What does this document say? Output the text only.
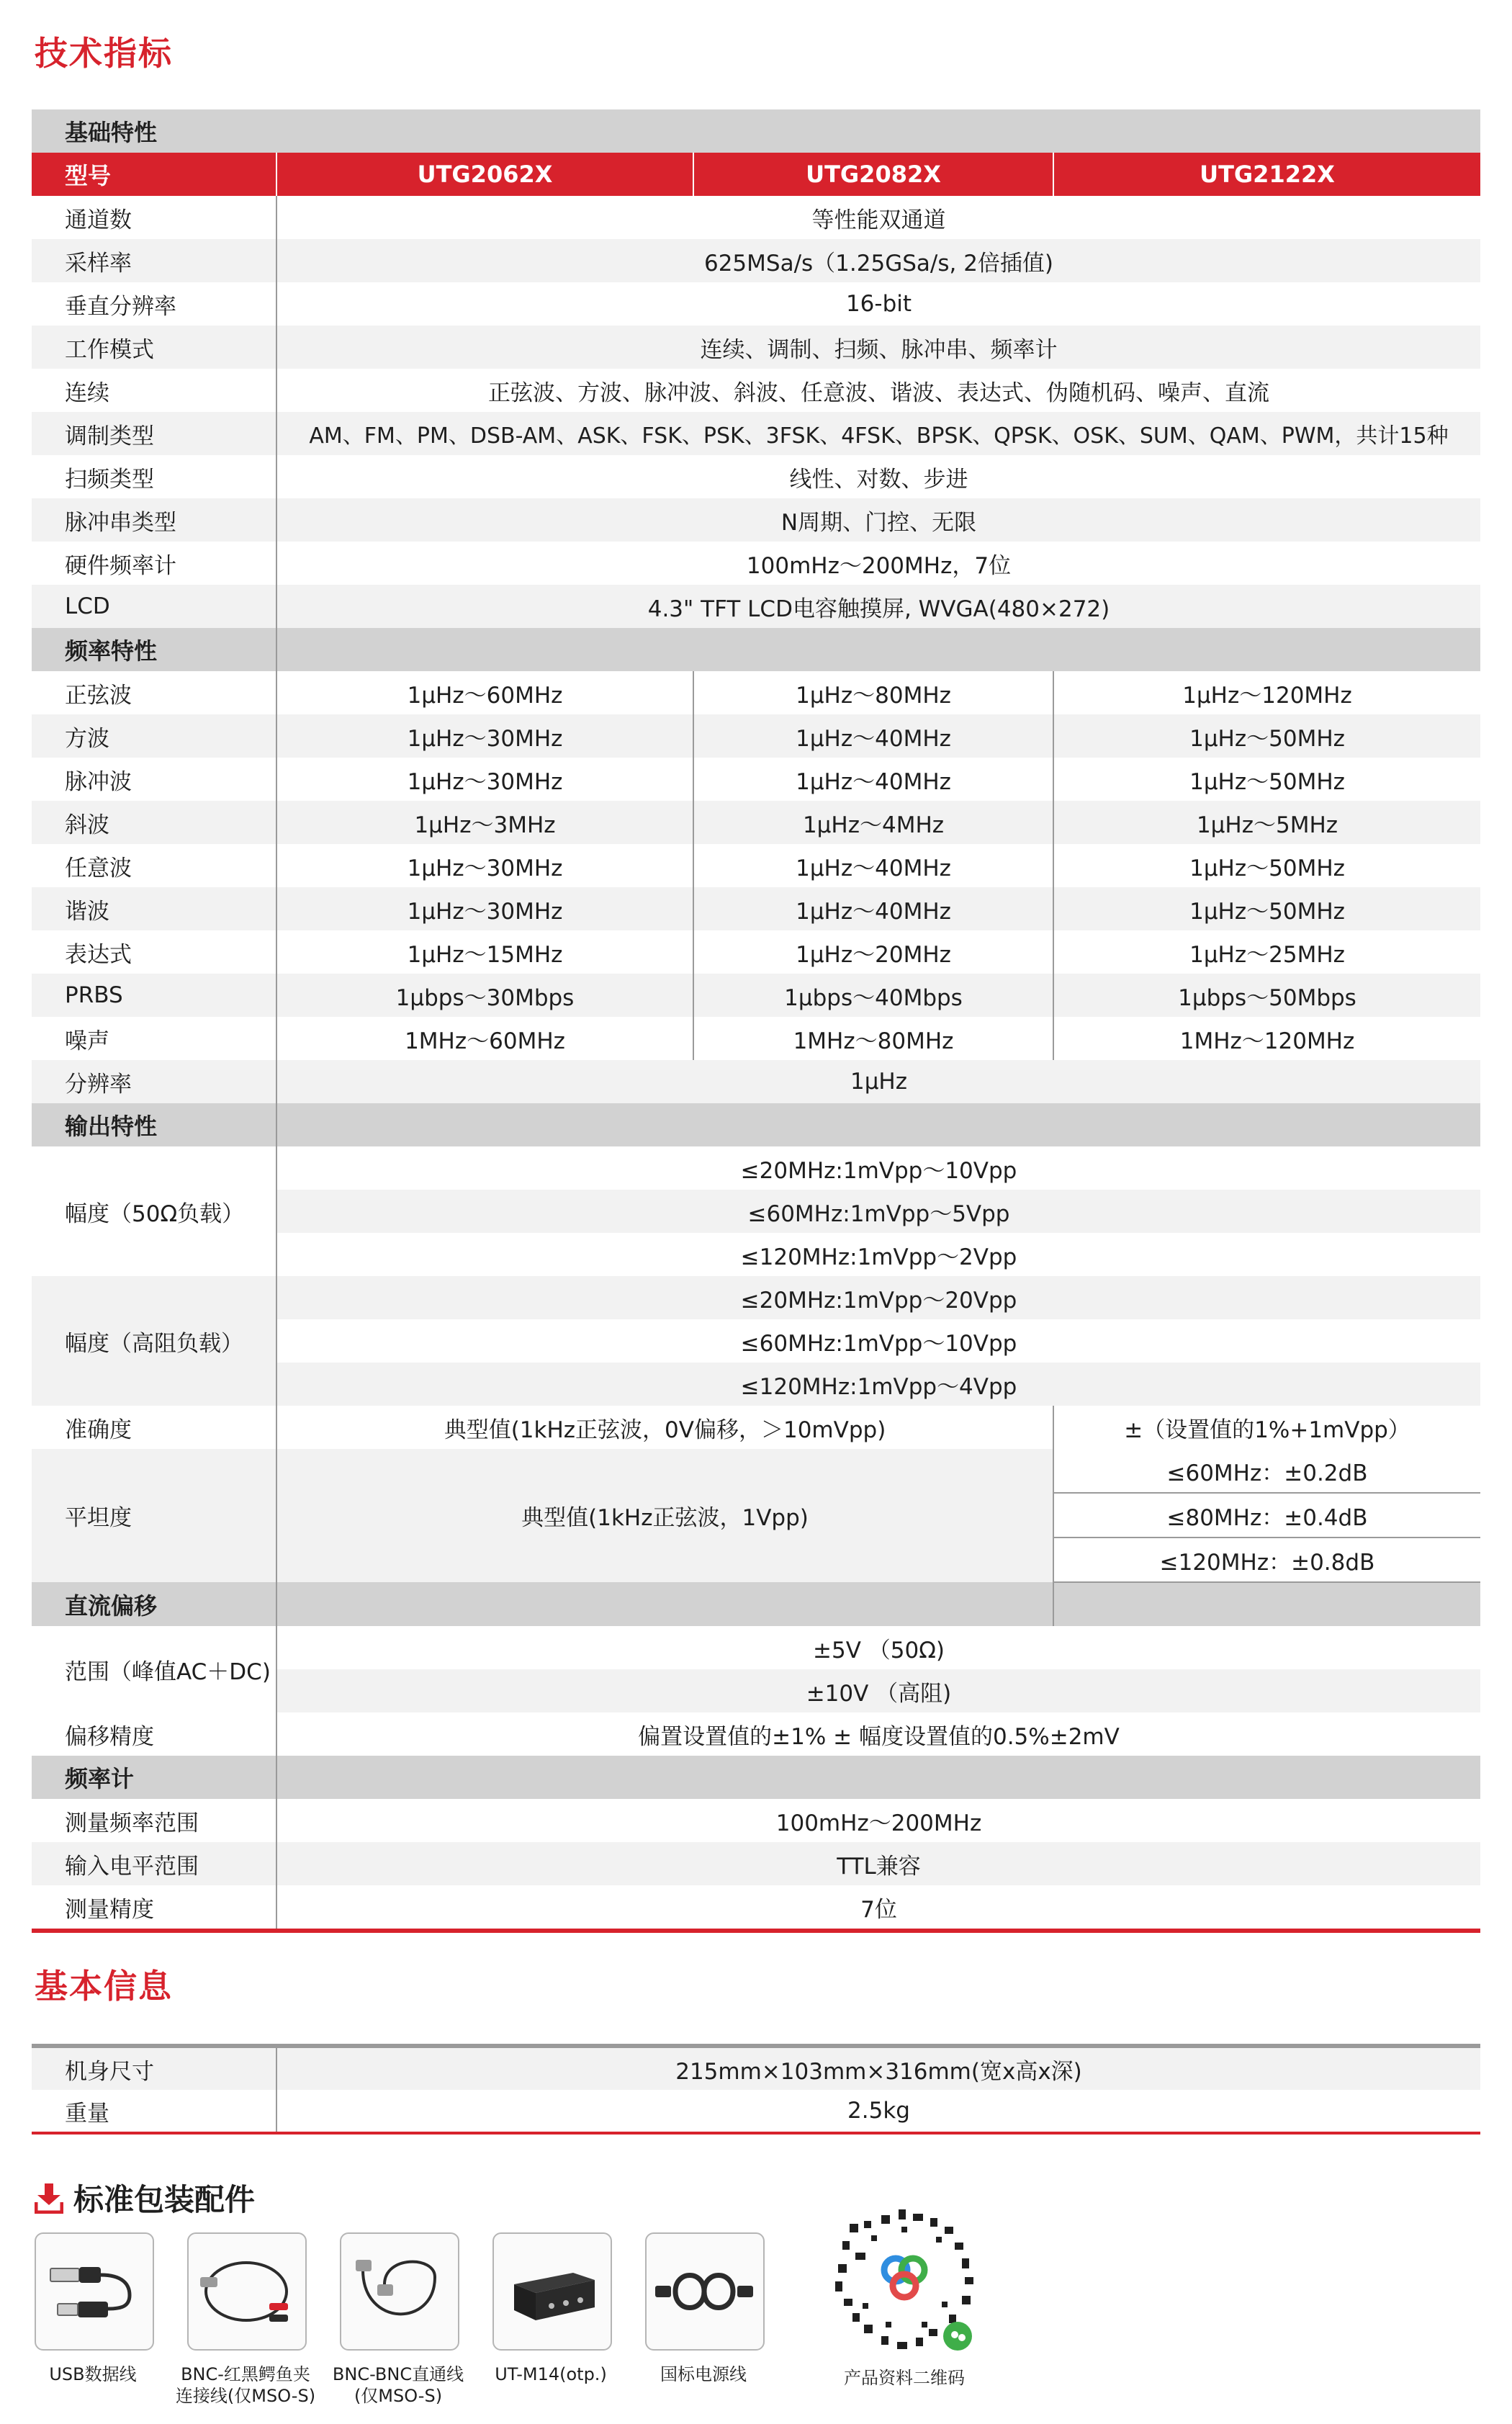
技术指标
基础特性			
型号	UTG2062X	UTG2082X	UTG2122X
通道数	等性能双通道		
采样率	625MSa/s（1.25GSa/s, 2倍插值)		
垂直分辨率	16-bit		
工作模式	连续、调制、扫频、脉冲串、频率计		
连续	正弦波、方波、脉冲波、斜波、任意波、谐波、表达式、伪随机码、噪声、直流		
调制类型	AM、FM、PM、DSB-AM、ASK、FSK、PSK、3FSK、4FSK、BPSK、QPSK、OSK、SUM、QAM、PWM，共计15种		
扫频类型	线性、对数、步进		
脉冲串类型	N周期、门控、无限		
硬件频率计	100mHz～200MHz，7位		
LCD	4.3" TFT LCD电容触摸屏, WVGA(480×272)		
频率特性			
正弦波	1μHz～60MHz	1μHz～80MHz	1μHz～120MHz
方波	1μHz～30MHz	1μHz～40MHz	1μHz～50MHz
脉冲波	1μHz～30MHz	1μHz～40MHz	1μHz～50MHz
斜波	1μHz～3MHz	1μHz～4MHz	1μHz～5MHz
任意波	1μHz～30MHz	1μHz～40MHz	1μHz～50MHz
谐波	1μHz～30MHz	1μHz～40MHz	1μHz～50MHz
表达式	1μHz～15MHz	1μHz～20MHz	1μHz～25MHz
PRBS	1μbps～30Mbps	1μbps～40Mbps	1μbps～50Mbps
噪声	1MHz～60MHz	1MHz～80MHz	1MHz～120MHz
分辨率	1μHz		
输出特性			
幅度（50Ω负载）	≤20MHz:1mVpp～10Vpp		
	≤60MHz:1mVpp～5Vpp		
	≤120MHz:1mVpp～2Vpp		
幅度（高阻负载）	≤20MHz:1mVpp～20Vpp		
	≤60MHz:1mVpp～10Vpp		
	≤120MHz:1mVpp～4Vpp		
准确度	典型值(1kHz正弦波，0V偏移，＞10mVpp)		±（设置值的1%+1mVpp）
平坦度	典型值(1kHz正弦波，1Vpp)		≤60MHz：±0.2dB
			≤80MHz：±0.4dB
			≤120MHz：±0.8dB
直流偏移			
范围（峰值AC＋DC)	±5V （50Ω)		
	±10V （高阻)		
偏移精度	偏置设置值的±1% ± 幅度设置值的0.5%±2mV		
频率计			
测量频率范围	100mHz～200MHz		
输入电平范围	TTL兼容		
测量精度	7位		
基本信息
机身尺寸	215mm×103mm×316mm(宽x高x深)
重量	2.5kg
标准包装配件
USB数据线	BNC-红黑鳄鱼夹
连接线(仅MSO-S)
BNC-BNC直通线
(仅MSO-S)
UT-M14(otp.)	国标电源线	产品资料二维码
